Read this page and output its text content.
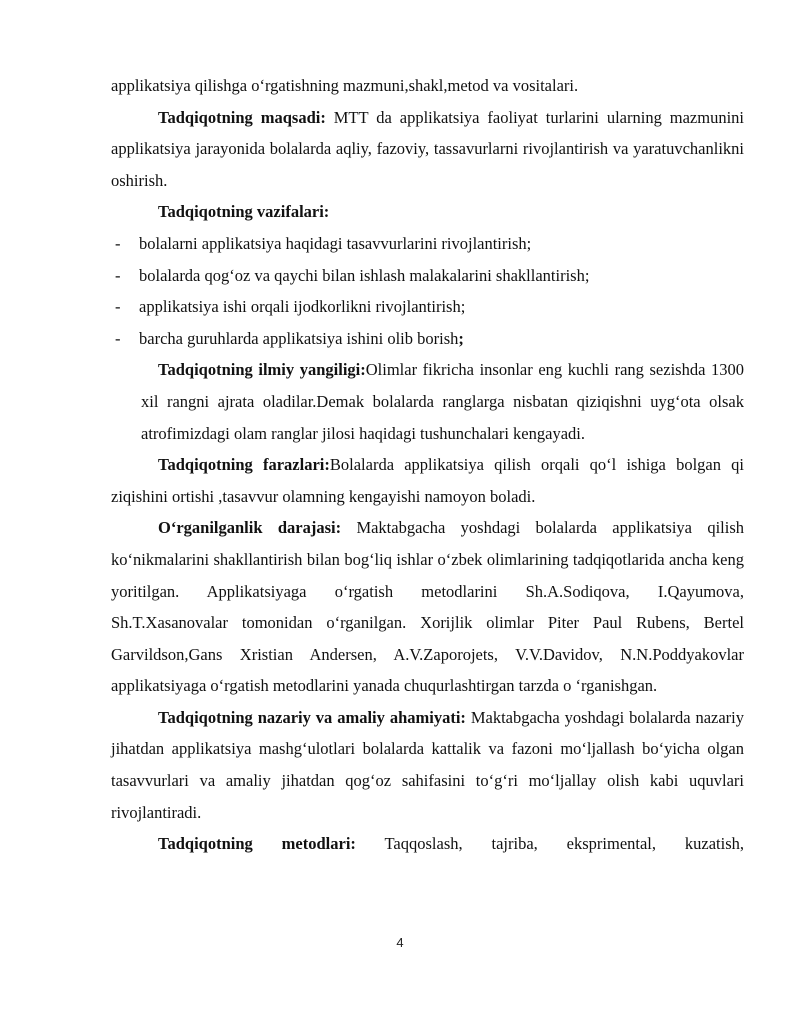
applikatsiya qilishga o‘rgatishning mazmuni,shakl,metod va vositalari.

Tadqiqotning maqsadi: MTT da applikatsiya faoliyat turlarini ularning mazmunini applikatsiya jarayonida bolalarda aqliy, fazoviy, tassavurlarni rivojlantirish va yaratuvchanlikni oshirish.

Tadqiqotning vazifalari:

- bolalarni applikatsiya haqidagi tasavvurlarini rivojlantirish;
- bolalarda qog‘oz va qaychi bilan ishlash malakalarini shakllantirish;
- applikatsiya ishi orqali ijodkorlikni rivojlantirish;
- barcha guruhlarda applikatsiya ishini olib borish;

Tadqiqotning ilmiy yangiligi:Olimlar fikricha insonlar eng kuchli rang sezishda 1300 xil rangni ajrata oladilar.Demak bolalarda ranglarga nisbatan qiziqishni uyg‘ota olsak atrofimizdagi olam ranglar jilosi haqidagi tushunchalari kengayadi.

Tadqiqotning farazlari:Bolalarda applikatsiya qilish orqali qo‘l ishiga bolgan qi ziqishini ortishi ,tasavvur olamning kengayishi namoyon boladi.

O‘rganilganlik darajasi: Maktabgacha yoshdagi bolalarda applikatsiya qilish ko‘nikmalarini shakllantirish bilan bog‘liq ishlar o‘zbek olimlarining tadqiqotlarida ancha keng yoritilgan. Applikatsiyaga o‘rgatish metodlarini Sh.A.Sodiqova, I.Qayumova, Sh.T.Xasanovalar tomonidan o‘rganilgan. Xorijlik olimlar Piter Paul Rubens, Bertel Garvildson,Gans Xristian Andersen, A.V.Zaporojets, V.V.Davidov, N.N.Poddyakovlar applikatsiyaga o‘rgatish metodlarini yanada chuqurlashtirgan tarzda o ‘rganishgan.

Tadqiqotning nazariy va amaliy ahamiyati: Maktabgacha yoshdagi bolalarda nazariy jihatdan applikatsiya mashg‘ulotlari bolalarda kattalik va fazoni mo‘ljallash bo‘yicha olgan tasavvurlari va amaliy jihatdan qog‘oz sahifasini to‘g‘ri mo‘ljallay olish kabi uquvlari rivojlantiradi.

Tadqiqotning metodlari: Taqqoslash, tajriba, eksprimental, kuzatish,

4
